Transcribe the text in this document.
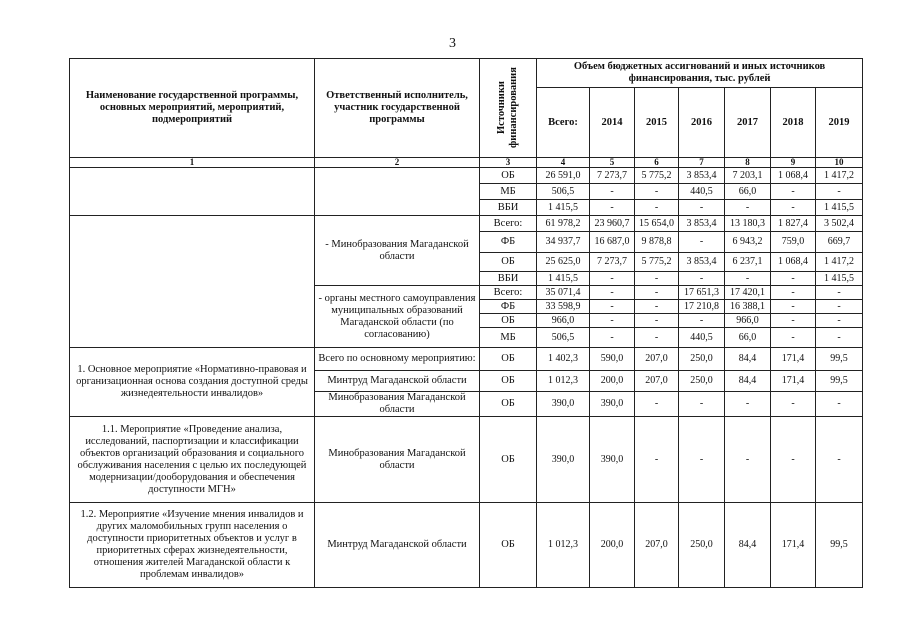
3
Наименование государственной программы, основных мероприятий, мероприятий, подмероприятий	Ответственный исполнитель, участник государственной программы	Источники финансирования	Объем бюджетных ассигнований и иных источников финансирования, тыс. рублей						
			Всего:	2014	2015	2016	2017	2018	2019
1	2	3	4	5	6	7	8	9	10
		ОБ	26 591,0	7 273,7	5 775,2	3 853,4	7 203,1	1 068,4	1 417,2
		МБ	506,5	-	-	440,5	66,0	-	-
		ВБИ	1 415,5	-	-	-	-	-	1 415,5
	- Минобразования Магаданской области	Всего:	61 978,2	23 960,7	15 654,0	3 853,4	13 180,3	1 827,4	3 502,4
		ФБ	34 937,7	16 687,0	9 878,8	-	6 943,2	759,0	669,7
		ОБ	25 625,0	7 273,7	5 775,2	3 853,4	6 237,1	1 068,4	1 417,2
		ВБИ	1 415,5	-	-	-	-	-	1 415,5
	- органы местного самоуправления муниципальных образований Магаданской области (по согласованию)	Всего:	35 071,4	-	-	17 651,3	17 420,1	-	-
		ФБ	33 598,9	-	-	17 210,8	16 388,1	-	-
		ОБ	966,0	-	-	-	966,0	-	-
		МБ	506,5	-	-	440,5	66,0	-	-
1. Основное мероприятие «Нормативно-правовая и организационная основа создания доступной среды жизнедеятельности инвалидов»	Всего по основному мероприятию:	ОБ	1 402,3	590,0	207,0	250,0	84,4	171,4	99,5
	Минтруд Магаданской области	ОБ	1 012,3	200,0	207,0	250,0	84,4	171,4	99,5
	Минобразования Магаданской области	ОБ	390,0	390,0	-	-	-	-	-
1.1. Мероприятие «Проведение анализа, исследований, паспортизации и классификации объектов организаций образования и социального обслуживания населения с целью их последующей модернизации/дооборудования и обеспечения доступности МГН»	Минобразования Магаданской области	ОБ	390,0	390,0	-	-	-	-	-
1.2. Мероприятие «Изучение мнения инвалидов и других маломобильных групп населения о доступности приоритетных объектов и услуг в приоритетных сферах жизнедеятельности, отношения жителей Магаданской области к проблемам инвалидов»	Минтруд Магаданской области	ОБ	1 012,3	200,0	207,0	250,0	84,4	171,4	99,5
